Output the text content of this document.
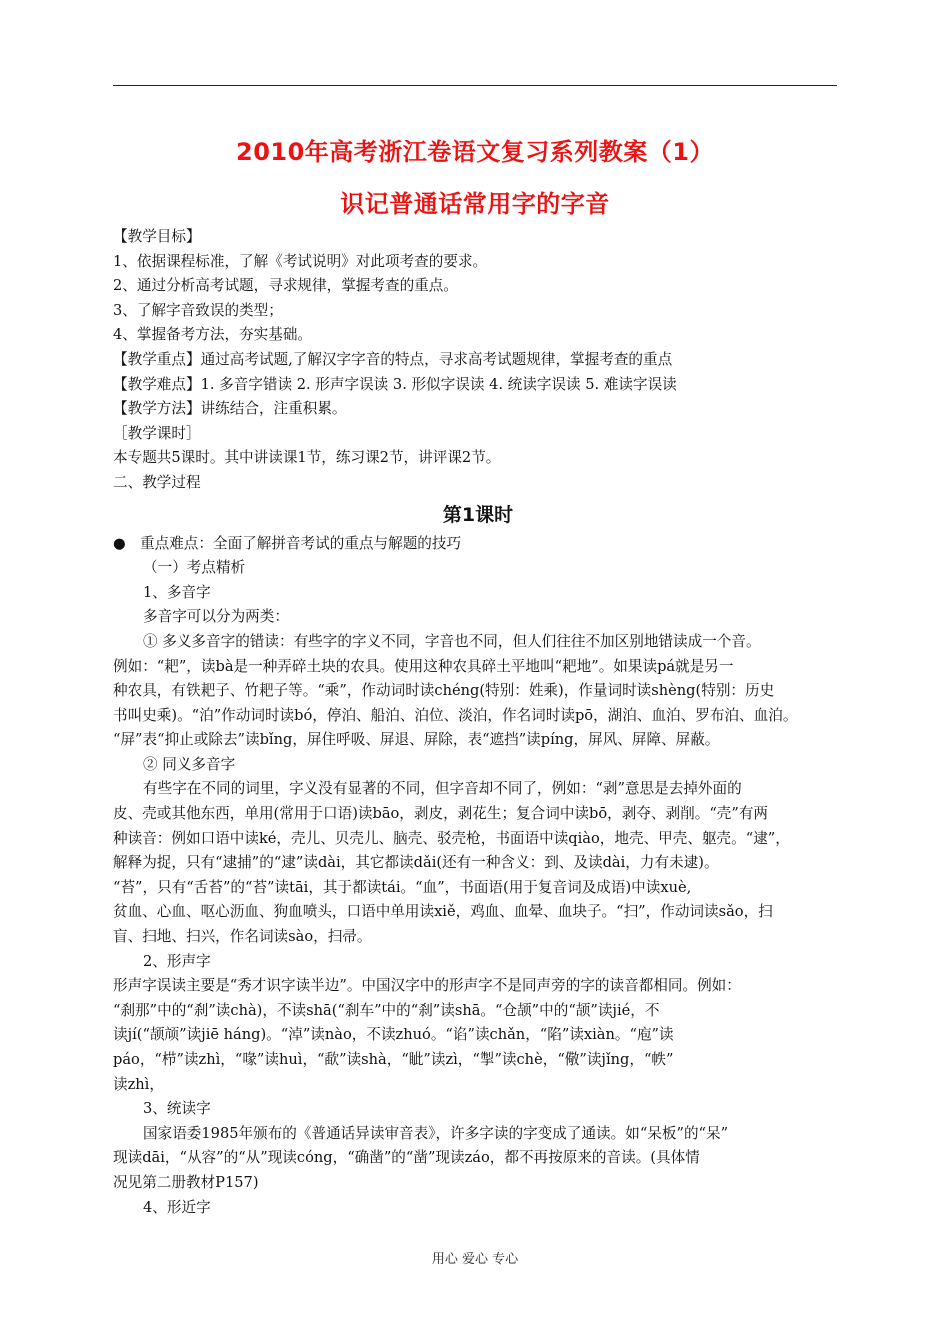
2010年高考浙江卷语文复习系列教案（1）
识记普通话常用字的字音

【教学目标】

1、依据课程标准，了解《考试说明》对此项考查的要求。

2、通过分析高考试题，寻求规律，掌握考查的重点。

3、了解字音致误的类型；

4、掌握备考方法，夯实基础。

【教学重点】通过高考试题,了解汉字字音的特点，寻求高考试题规律，掌握考查的重点

【教学难点】1. 多音字错读 2. 形声字误读 3. 形似字误读 4. 统读字误读 5. 难读字误读

【教学方法】讲练结合，注重积累。

［教学课时］

本专题共5课时。其中讲读课1节，练习课2节，讲评课2节。

二、教学过程

第1课时

● 重点难点：全面了解拼音考试的重点与解题的技巧

（一）考点精析

1、多音字

多音字可以分为两类：

① 多义多音字的错读：有些字的字义不同，字音也不同，但人们往往不加区别地错读成一个音。

例如：“耙”，读bà是一种弄碎土块的农具。使用这种农具碎土平地叫“耙地”。如果读pá就是另一

种农具，有铁耙子、竹耙子等。“乘”，作动词时读chéng(特别：姓乘)，作量词时读shèng(特别：历史

书叫史乘)。“泊”作动词时读bó，停泊、船泊、泊位、淡泊，作名词时读pō，湖泊、血泊、罗布泊、血泊。

“屏”表“抑止或除去”读bǐng，屏住呼吸、屏退、屏除，表“遮挡”读píng，屏风、屏障、屏蔽。

② 同义多音字

有些字在不同的词里，字义没有显著的不同，但字音却不同了，例如：“剥”意思是去掉外面的

皮、壳或其他东西，单用(常用于口语)读bāo，剥皮，剥花生；复合词中读bō，剥夺、剥削。“壳”有两

种读音：例如口语中读ké，壳儿、贝壳儿、脑壳、驳壳枪，书面语中读qiào，地壳、甲壳、躯壳。“逮”，

解释为捉，只有“逮捕”的“逮”读dài，其它都读dǎi(还有一种含义：到、及读dài，力有未逮)。

“苔”，只有“舌苔”的“苔”读tāi，其于都读tái。“血”，书面语(用于复音词及成语)中读xuè,

贫血、心血、呕心沥血、狗血喷头，口语中单用读xiě，鸡血、血晕、血块子。“扫”，作动词读sǎo，扫

盲、扫地、扫兴，作名词读sào，扫帚。

2、形声字

形声字误读主要是“秀才识字读半边”。中国汉字中的形声字不是同声旁的字的读音都相同。例如：

“刹那”中的“刹”读chà)，不读shā(“刹车”中的“刹”读shā。“仓颉”中的“颉”读jié，不

读jí(“颉颃”读jiē háng)。“淖”读nào，不读zhuó。“谄”读chǎn，“陷”读xiàn。“庖”读

páo，“栉”读zhì，“喙”读huì，“歃”读shà，“眦”读zì，“掣”读chè，“儆”读jǐng，“帙”

读zhì，

3、统读字

国家语委1985年颁布的《普通话异读审音表》，许多字读的字变成了通读。如“呆板”的“呆”

现读dāi，“从容”的“从”现读cóng，“确凿”的“凿”现读záo，都不再按原来的音读。(具体情

况见第二册教材P157)

4、形近字

用心 爱心 专心
